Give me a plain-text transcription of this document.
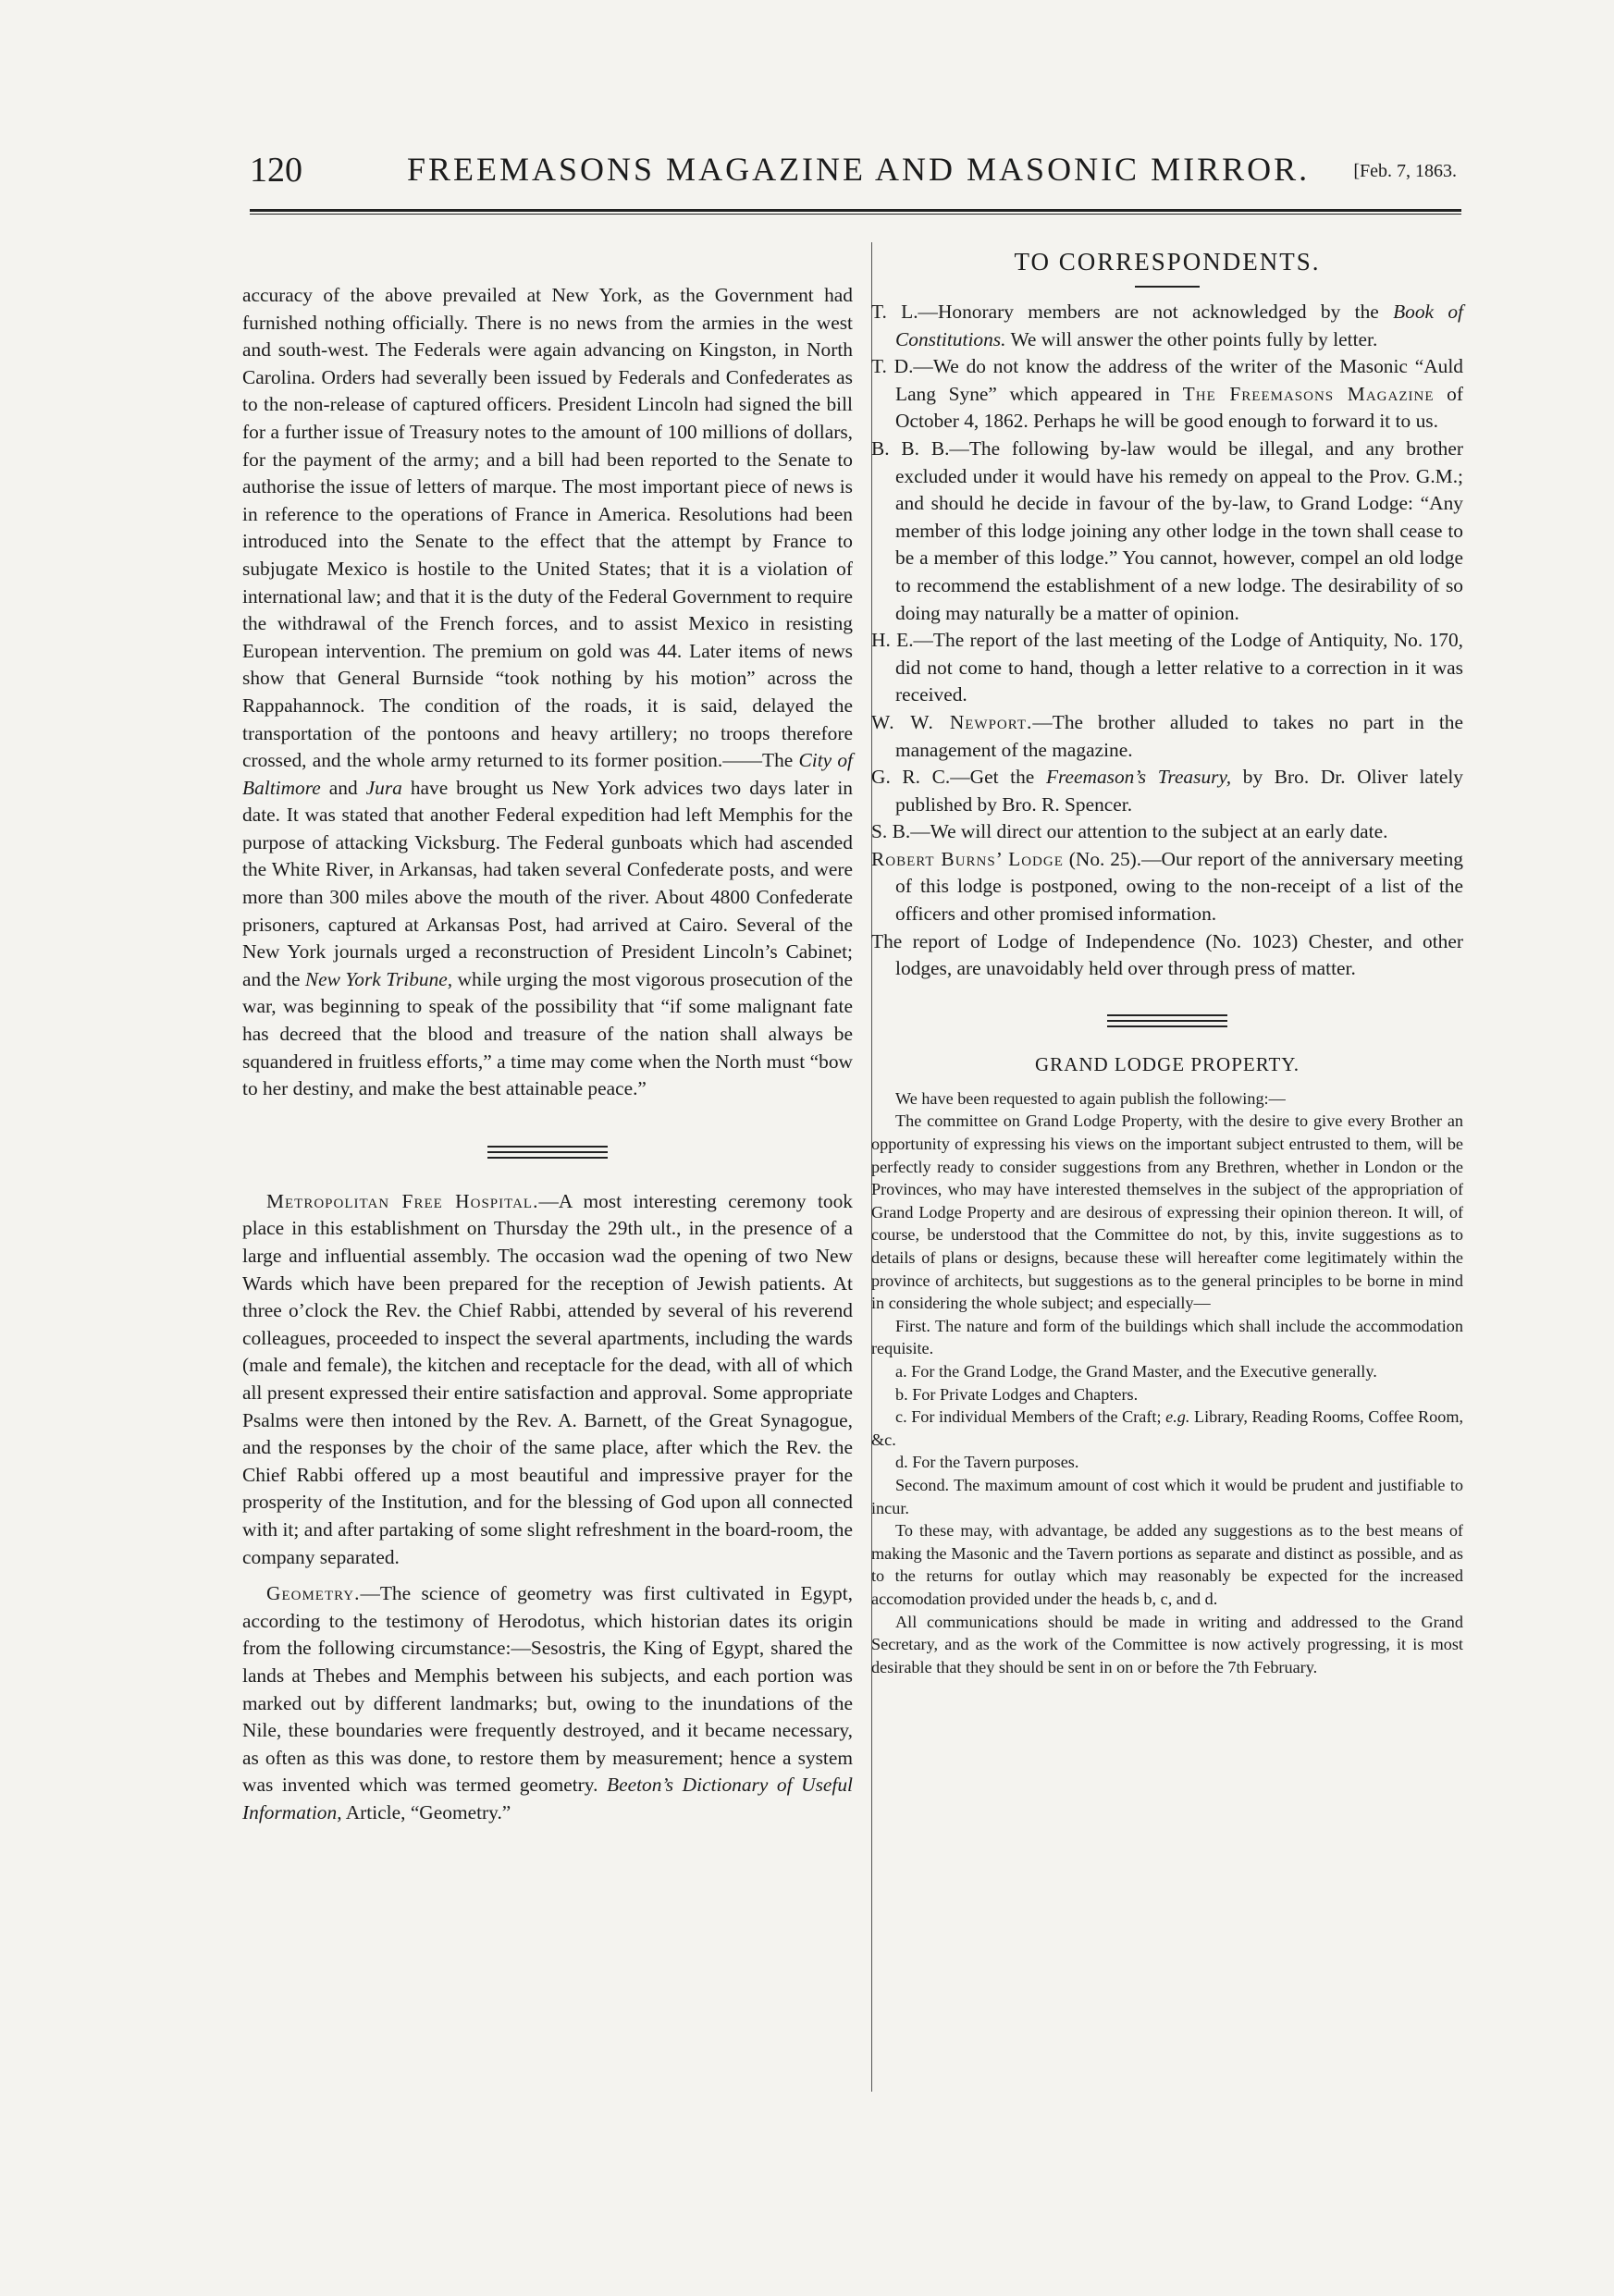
120	FREEMASONS MAGAZINE AND MASONIC MIRROR. [Feb. 7, 1863.

accuracy of the above prevailed at New York, as the Government had furnished nothing officially. There is no news from the armies in the west and south-west. The Federals were again advancing on Kingston, in North Carolina. Orders had severally been issued by Federals and Confederates as to the non-release of captured officers. President Lincoln had signed the bill for a further issue of Treasury notes to the amount of 100 millions of dollars, for the payment of the army; and a bill had been reported to the Senate to authorise the issue of letters of marque. The most important piece of news is in reference to the operations of France in America. Resolutions had been introduced into the Senate to the effect that the attempt by France to subjugate Mexico is hostile to the United States; that it is a violation of international law; and that it is the duty of the Federal Government to require the withdrawal of the French forces, and to assist Mexico in resisting European intervention. The premium on gold was 44. Later items of news show that General Burnside “took nothing by his motion” across the Rappahannock. The condition of the roads, it is said, delayed the transportation of the pontoons and heavy artillery; no troops therefore crossed, and the whole army returned to its former position.——The City of Baltimore and Jura have brought us New York advices two days later in date. It was stated that another Federal expedition had left Memphis for the purpose of attacking Vicksburg. The Federal gunboats which had ascended the White River, in Arkansas, had taken several Confederate posts, and were more than 300 miles above the mouth of the river. About 4800 Confederate prisoners, captured at Arkansas Post, had arrived at Cairo. Several of the New York journals urged a reconstruction of President Lincoln’s Cabinet; and the New York Tribune, while urging the most vigorous prosecution of the war, was beginning to speak of the possibility that “if some malignant fate has decreed that the blood and treasure of the nation shall always be squandered in fruitless efforts,” a time may come when the North must “bow to her destiny, and make the best attainable peace.”

Metropolitan Free Hospital.—A most interesting ceremony took place in this establishment on Thursday the 29th ult., in the presence of a large and influential assembly. The occasion wad the opening of two New Wards which have been prepared for the reception of Jewish patients. At three o’clock the Rev. the Chief Rabbi, attended by several of his reverend colleagues, proceeded to inspect the several apartments, including the wards (male and female), the kitchen and receptacle for the dead, with all of which all present expressed their entire satisfaction and approval. Some appropriate Psalms were then intoned by the Rev. A. Barnett, of the Great Synagogue, and the responses by the choir of the same place, after which the Rev. the Chief Rabbi offered up a most beautiful and impressive prayer for the prosperity of the Institution, and for the blessing of God upon all connected with it; and after partaking of some slight refreshment in the board-room, the company separated.

Geometry.—The science of geometry was first cultivated in Egypt, according to the testimony of Herodotus, which historian dates its origin from the following circumstance:—Sesostris, the King of Egypt, shared the lands at Thebes and Memphis between his subjects, and each portion was marked out by different landmarks; but, owing to the inundations of the Nile, these boundaries were frequently destroyed, and it became necessary, as often as this was done, to restore them by measurement; hence a system was invented which was termed geometry. Beeton’s Dictionary of Useful Information, Article, “Geometry.”

TO CORRESPONDENTS.

T. L.—Honorary members are not acknowledged by the Book of Constitutions. We will answer the other points fully by letter.

T. D.—We do not know the address of the writer of the Masonic “Auld Lang Syne” which appeared in The Freemasons Magazine of October 4, 1862. Perhaps he will be good enough to forward it to us.

B. B. B.—The following by-law would be illegal, and any brother excluded under it would have his remedy on appeal to the Prov. G.M.; and should he decide in favour of the by-law, to Grand Lodge: “Any member of this lodge joining any other lodge in the town shall cease to be a member of this lodge.” You cannot, however, compel an old lodge to recommend the establishment of a new lodge. The desirability of so doing may naturally be a matter of opinion.

H. E.—The report of the last meeting of the Lodge of Antiquity, No. 170, did not come to hand, though a letter relative to a correction in it was received.

W. W. Newport.—The brother alluded to takes no part in the management of the magazine.

G. R. C.—Get the Freemason’s Treasury, by Bro. Dr. Oliver lately published by Bro. R. Spencer.

S. B.—We will direct our attention to the subject at an early date.

Robert Burns’ Lodge (No. 25).—Our report of the anniversary meeting of this lodge is postponed, owing to the non-receipt of a list of the officers and other promised information.

The report of Lodge of Independence (No. 1023) Chester, and other lodges, are unavoidably held over through press of matter.

GRAND LODGE PROPERTY.

We have been requested to again publish the following:—

The committee on Grand Lodge Property, with the desire to give every Brother an opportunity of expressing his views on the important subject entrusted to them, will be perfectly ready to consider suggestions from any Brethren, whether in London or the Provinces, who may have interested themselves in the subject of the appropriation of Grand Lodge Property and are desirous of expressing their opinion thereon. It will, of course, be understood that the Committee do not, by this, invite suggestions as to details of plans or designs, because these will hereafter come legitimately within the province of architects, but suggestions as to the general principles to be borne in mind in considering the whole subject; and especially—

First. The nature and form of the buildings which shall include the accommodation requisite.

a. For the Grand Lodge, the Grand Master, and the Executive generally.

b. For Private Lodges and Chapters.

c. For individual Members of the Craft; e.g. Library, Reading Rooms, Coffee Room, &c.

d. For the Tavern purposes.

Second. The maximum amount of cost which it would be prudent and justifiable to incur.

To these may, with advantage, be added any suggestions as to the best means of making the Masonic and the Tavern portions as separate and distinct as possible, and as to the returns for outlay which may reasonably be expected for the increased accomodation provided under the heads b, c, and d.

All communications should be made in writing and addressed to the Grand Secretary, and as the work of the Committee is now actively progressing, it is most desirable that they should be sent in on or before the 7th February.
